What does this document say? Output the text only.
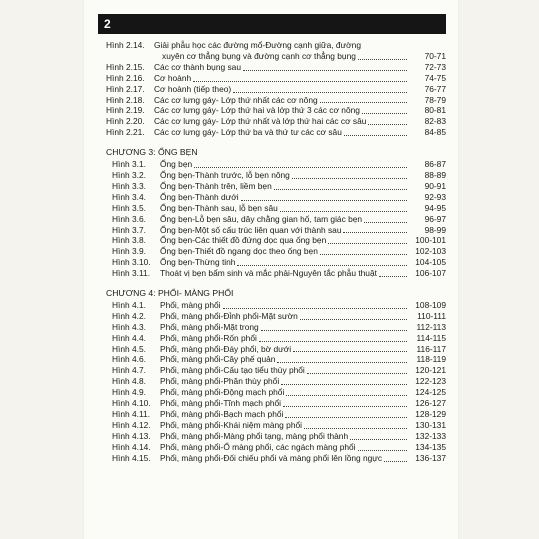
2
Hình 2.14.	Giải phẫu học các đường mổ-Đường cạnh giữa, đường
xuyên cơ thẳng bụng và đường cạnh cơ thẳng bụng	70-71
Hình 2.15.	Các cơ thành bụng sau	72-73
Hình 2.16.	Cơ hoành	74-75
Hình 2.17.	Cơ hoành (tiếp theo)	76-77
Hình 2.18.	Các cơ lưng gáy- Lớp thứ nhất các cơ nông	78-79
Hình 2.19.	Các cơ lưng gáy- Lớp thứ hai và lớp thứ 3 các cơ nông	80-81
Hình 2.20.	Các cơ lưng gáy- Lớp thứ nhất và lớp thứ hai các cơ sâu	82-83
Hình 2.21.	Các cơ lưng gáy- Lớp thứ ba và thứ tư các cơ sâu	84-85
CHƯƠNG 3: ỐNG BẸN
Hình 3.1.	Ống bẹn	86-87
Hình 3.2.	Ống bẹn-Thành trước, lỗ bẹn nông	88-89
Hình 3.3.	Ống bẹn-Thành trên, liềm bẹn	90-91
Hình 3.4.	Ống bẹn-Thành dưới	92-93
Hình 3.5.	Ống bẹn-Thành sau, lỗ bẹn sâu	94-95
Hình 3.6.	Ống bẹn-Lỗ bẹn sâu, dây chằng gian hố, tam giác bẹn	96-97
Hình 3.7.	Ống bẹn-Một số cấu trúc liên quan với thành sau	98-99
Hình 3.8.	Ống bẹn-Các thiết đồ đứng dọc qua ống bẹn	100-101
Hình 3.9.	Ống bẹn-Thiết đồ ngang dọc theo ống bẹn	102-103
Hình 3.10.	Ống bẹn-Thừng tinh	104-105
Hình 3.11.	Thoát vị bẹn bẩm sinh và mắc phải-Nguyên tắc phẫu thuật	106-107
CHƯƠNG 4: PHỔI- MÀNG PHỔI
Hình 4.1.	Phổi, màng phổi	108-109
Hình 4.2.	Phổi, màng phổi-Đỉnh phổi-Mặt sườn	110-111
Hình 4.3.	Phổi, màng phổi-Mặt trong	112-113
Hình 4.4.	Phổi, màng phổi-Rốn phổi	114-115
Hình 4.5.	Phổi, màng phổi-Đáy phổi, bờ dưới	116-117
Hình 4.6.	Phổi, màng phổi-Cây phế quản	118-119
Hình 4.7.	Phổi, màng phổi-Cấu tạo tiểu thùy phổi	120-121
Hình 4.8.	Phổi, màng phổi-Phân thùy phổi	122-123
Hình 4.9.	Phổi, màng phổi-Động mạch phổi	124-125
Hình 4.10.	Phổi, màng phổi-Tĩnh mạch phổi	126-127
Hình 4.11.	Phổi, màng phổi-Bạch mạch phổi	128-129
Hình 4.12.	Phổi, màng phổi-Khái niệm màng phổi	130-131
Hình 4.13.	Phổi, màng phổi-Màng phổi tạng, màng phổi thành	132-133
Hình 4.14.	Phổi, màng phổi-Ổ màng phổi, các ngách màng phổi	134-135
Hình 4.15.	Phổi, màng phổi-Đối chiếu phổi và màng phổi lên lồng ngực	136-137
